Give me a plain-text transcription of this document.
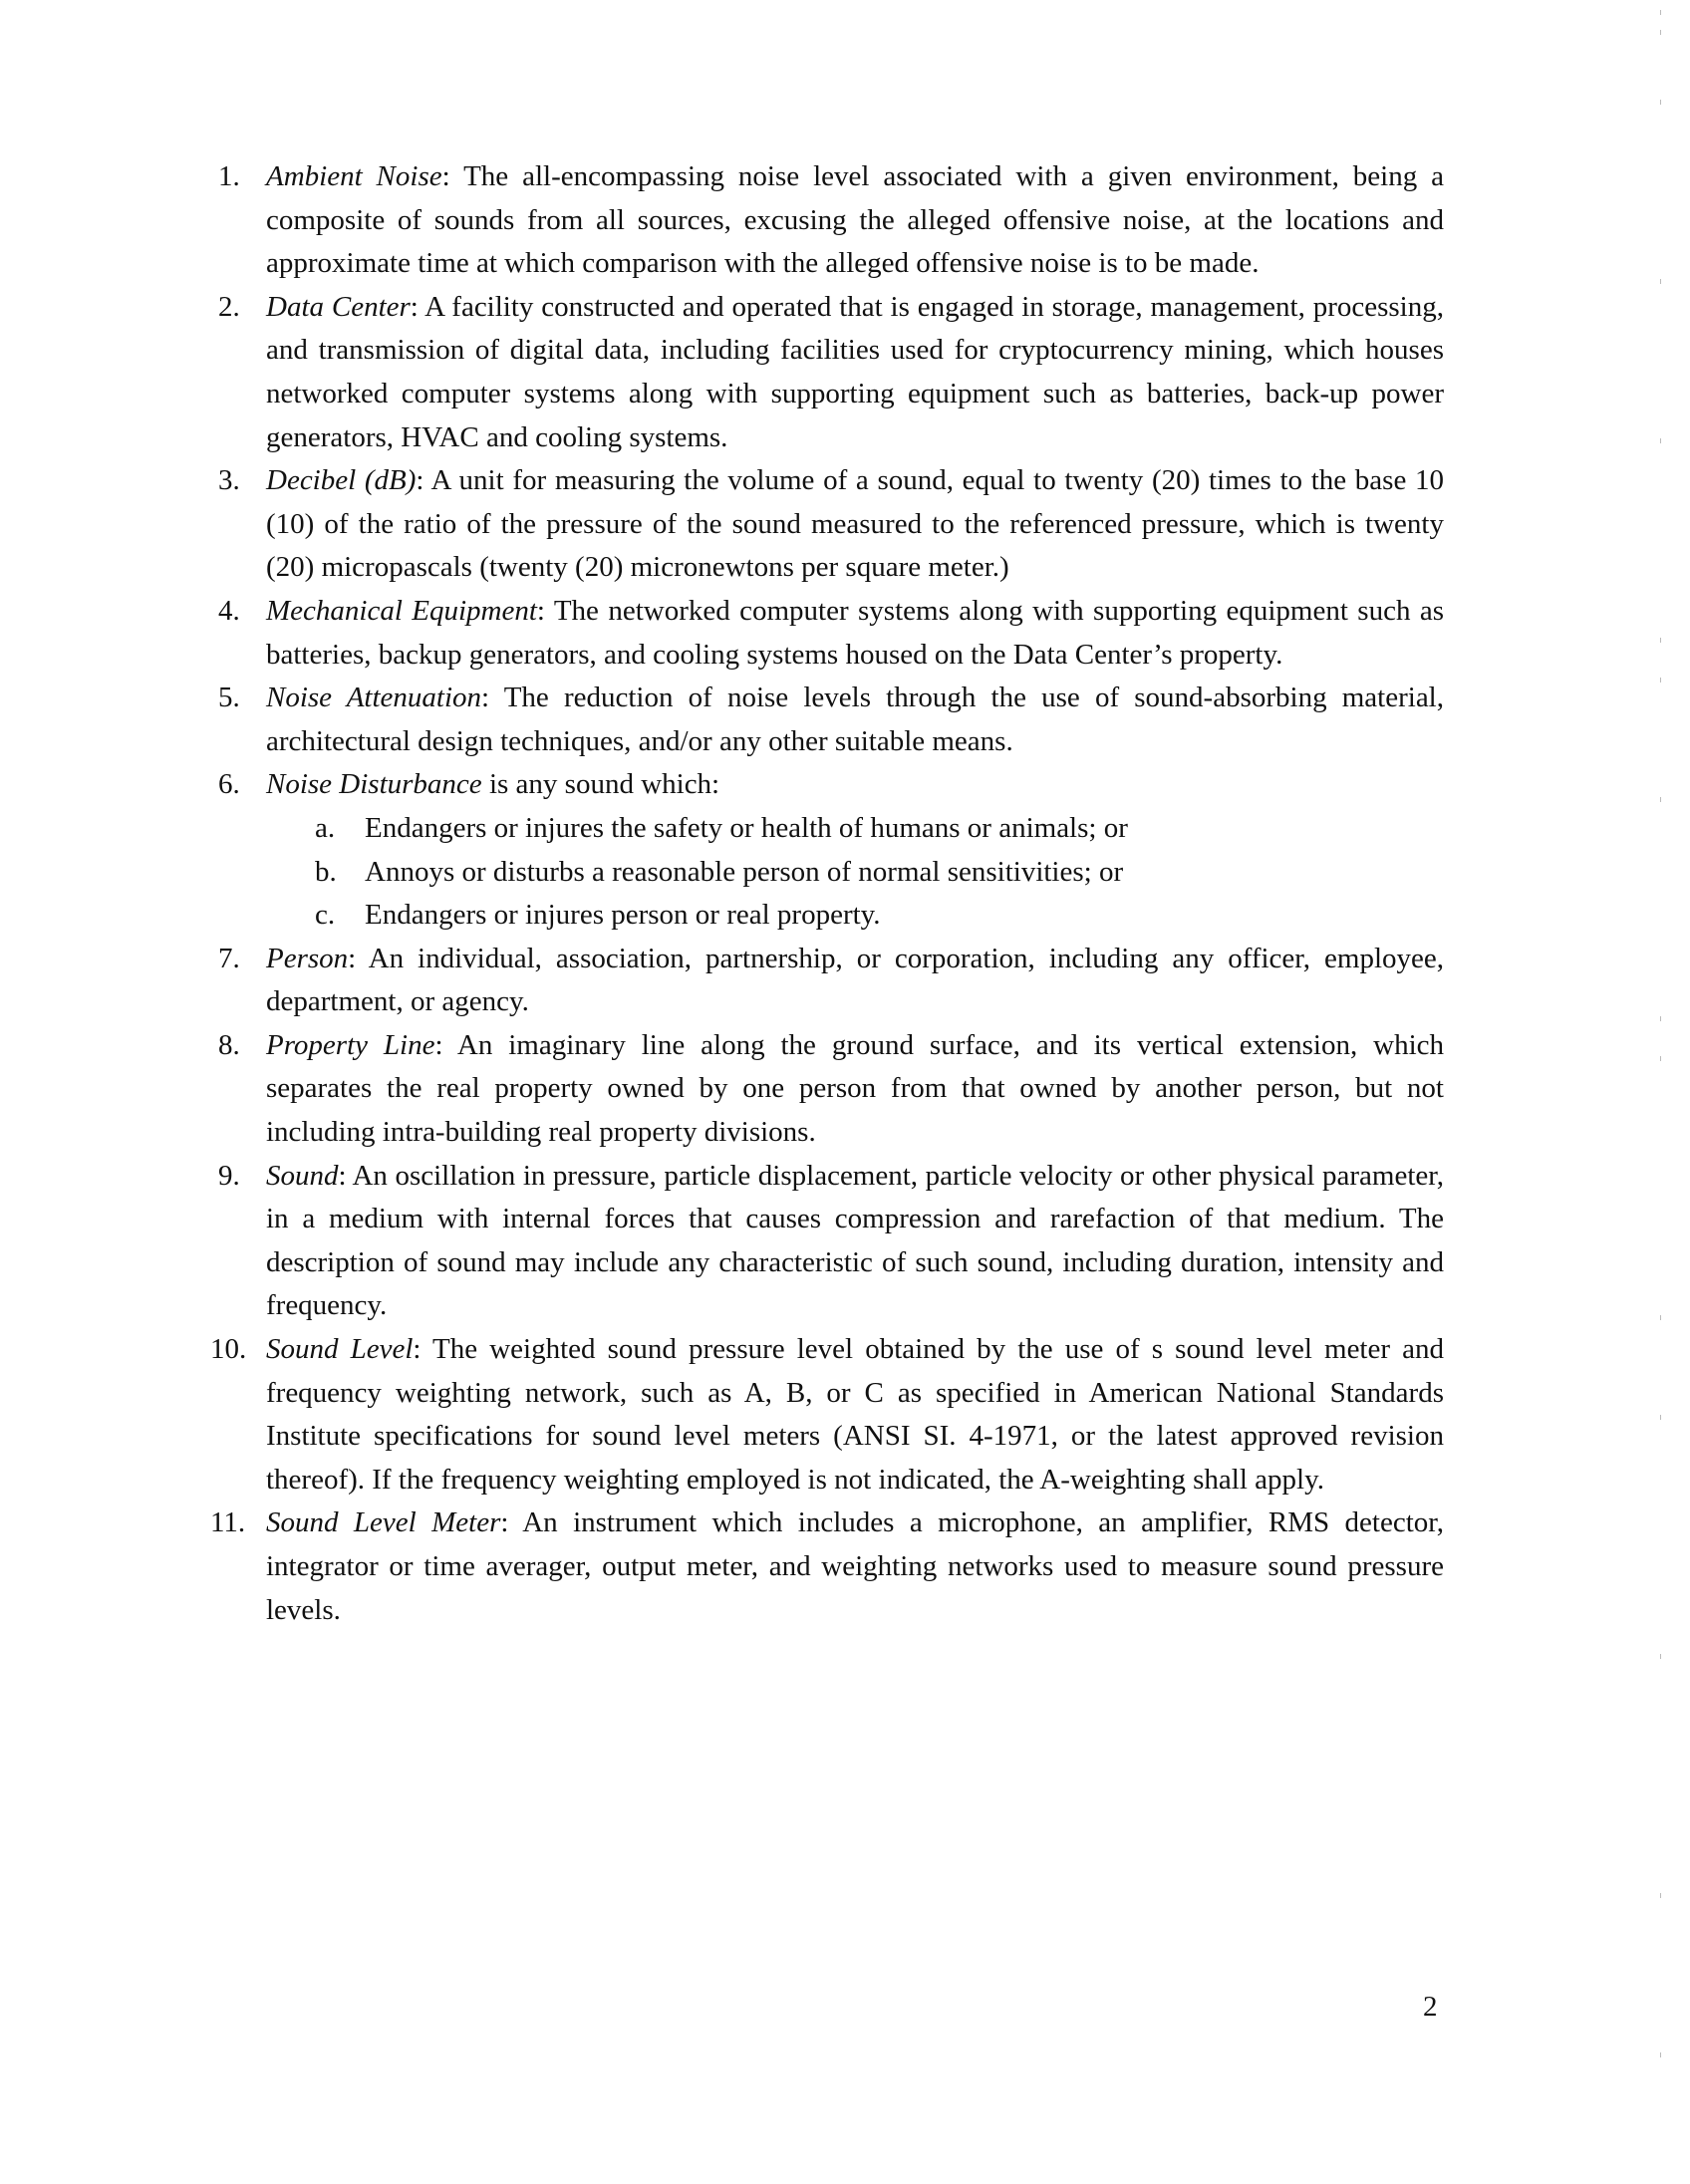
1. Ambient Noise: The all-encompassing noise level associated with a given environment, being a composite of sounds from all sources, excusing the alleged offensive noise, at the locations and approximate time at which comparison with the alleged offensive noise is to be made.
2. Data Center: A facility constructed and operated that is engaged in storage, management, processing, and transmission of digital data, including facilities used for cryptocurrency mining, which houses networked computer systems along with supporting equipment such as batteries, back-up power generators, HVAC and cooling systems.
3. Decibel (dB): A unit for measuring the volume of a sound, equal to twenty (20) times to the base 10 (10) of the ratio of the pressure of the sound measured to the referenced pressure, which is twenty (20) micropascals (twenty (20) micronewtons per square meter.)
4. Mechanical Equipment: The networked computer systems along with supporting equipment such as batteries, backup generators, and cooling systems housed on the Data Center’s property.
5. Noise Attenuation: The reduction of noise levels through the use of sound-absorbing material, architectural design techniques, and/or any other suitable means.
6. Noise Disturbance is any sound which:
a. Endangers or injures the safety or health of humans or animals; or
b. Annoys or disturbs a reasonable person of normal sensitivities; or
c. Endangers or injures person or real property.
7. Person: An individual, association, partnership, or corporation, including any officer, employee, department, or agency.
8. Property Line: An imaginary line along the ground surface, and its vertical extension, which separates the real property owned by one person from that owned by another person, but not including intra-building real property divisions.
9. Sound: An oscillation in pressure, particle displacement, particle velocity or other physical parameter, in a medium with internal forces that causes compression and rarefaction of that medium. The description of sound may include any characteristic of such sound, including duration, intensity and frequency.
10. Sound Level: The weighted sound pressure level obtained by the use of s sound level meter and frequency weighting network, such as A, B, or C as specified in American National Standards Institute specifications for sound level meters (ANSI SI. 4-1971, or the latest approved revision thereof). If the frequency weighting employed is not indicated, the A-weighting shall apply.
11. Sound Level Meter: An instrument which includes a microphone, an amplifier, RMS detector, integrator or time averager, output meter, and weighting networks used to measure sound pressure levels.
2
